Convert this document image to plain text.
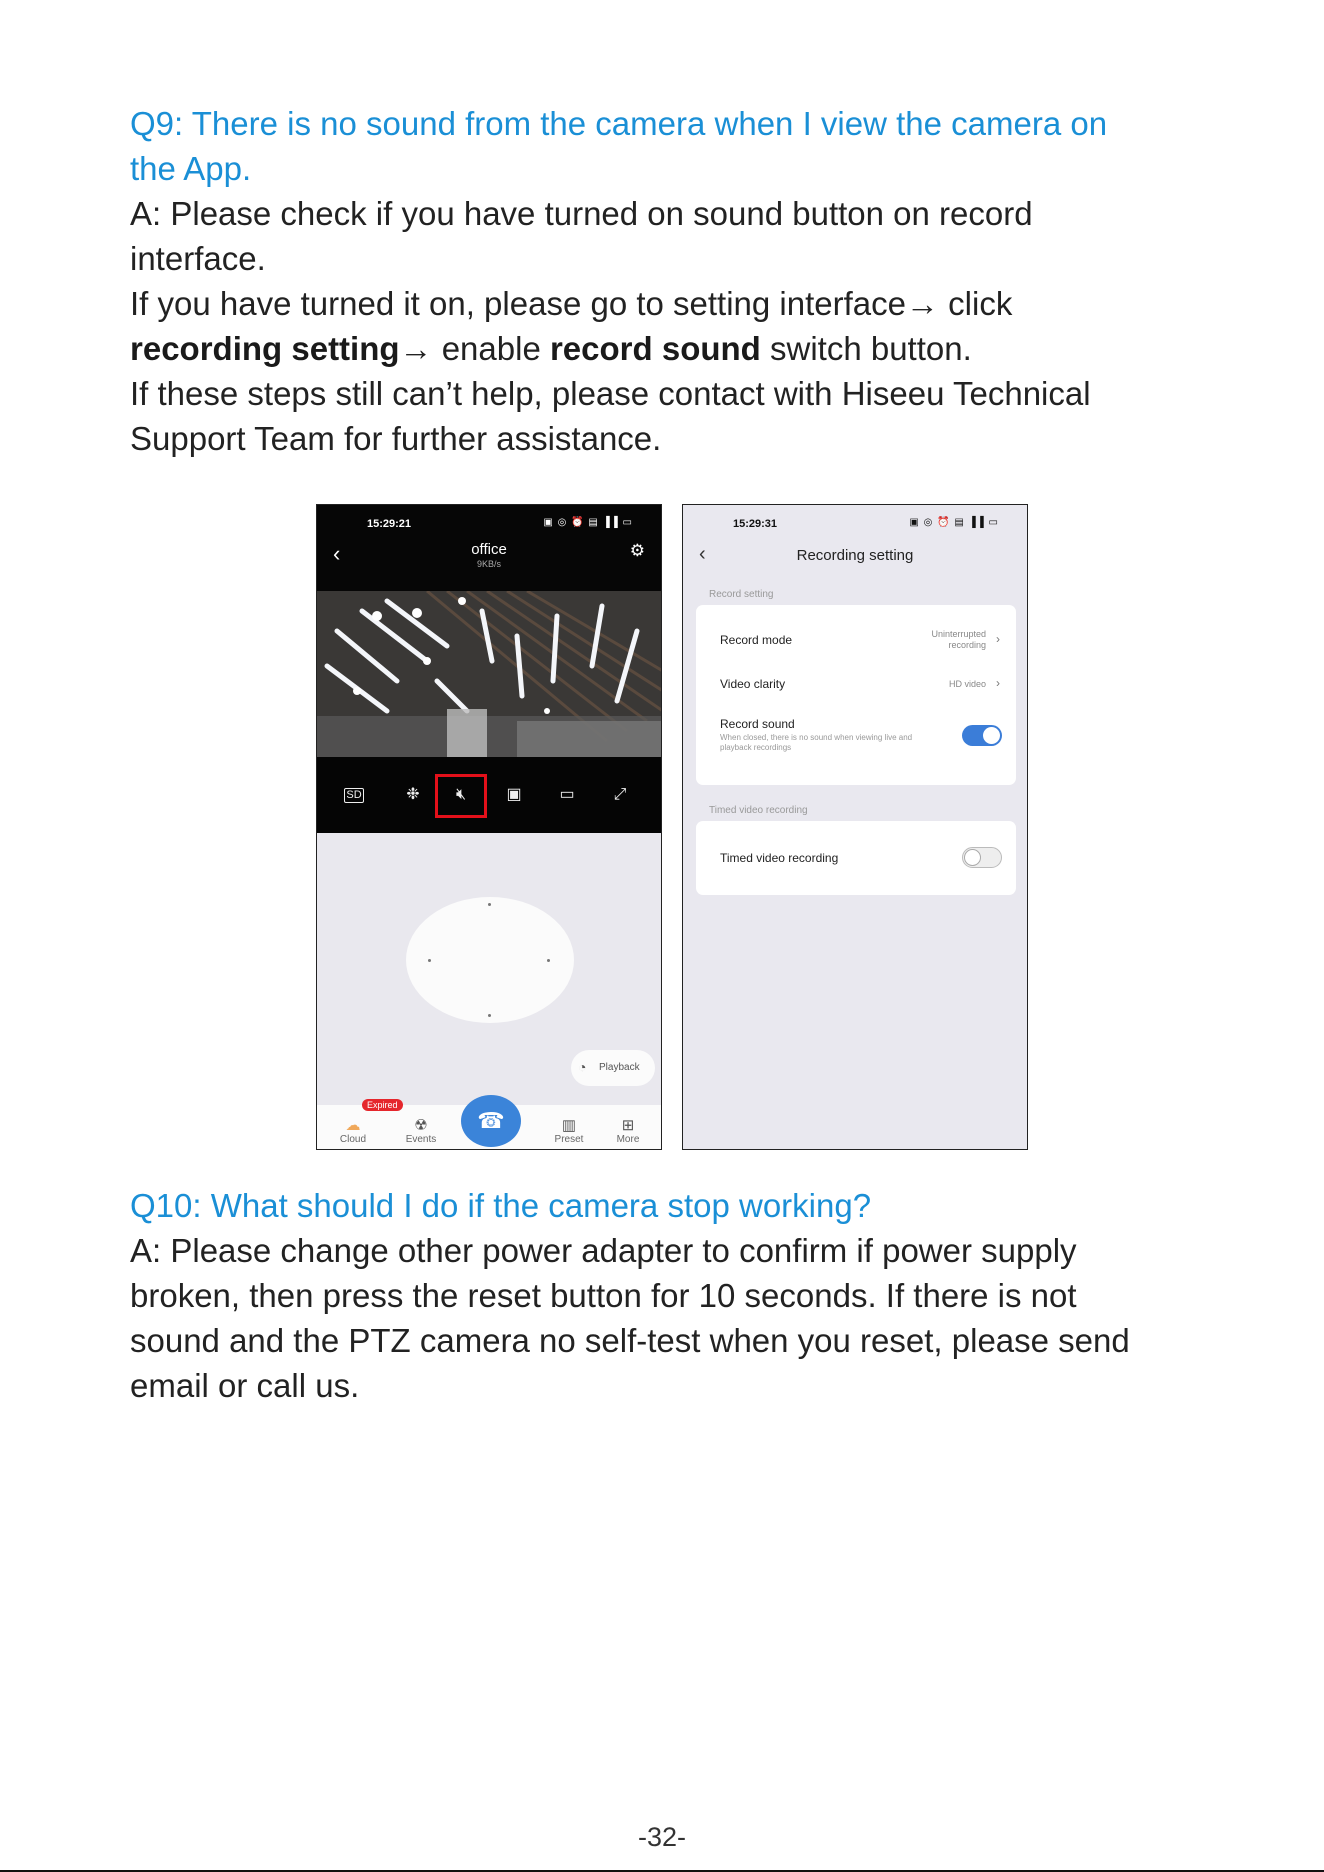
Q9: There is no sound from the camera when I view the camera on
the App.
A: Please check if you have turned on sound button on record
interface.
If you have turned it on, please go to setting interface→ click
recording setting→ enable record sound switch button.
If these steps still can’t help, please contact with Hiseeu Technical
Support Team for further assistance.
15:29:21	▣ ◎ ⏰ ▤ ▐▐ ▭
‹	office
9KB/s
⚙
SD	❉	🔇︎	▣	▭	⤢
◔ Playback
☁
Cloud
☢
Events
▥
Preset
⊞
More
Expired
☎
15:29:31	▣ ◎ ⏰ ▤ ▐▐ ▭
‹	Recording setting
Record setting
Record mode	Uninterrupted
recording ›
Video clarity	HD video ›
Record sound
When closed, there is no sound when viewing live and playback recordings
Timed video recording
Timed video recording
Q10: What should I do if the camera stop working?
A: Please change other power adapter to confirm if power supply
broken, then press the reset button for 10 seconds. If there is not
sound and the PTZ camera no self-test when you reset, please send
email or call us.
-32-
